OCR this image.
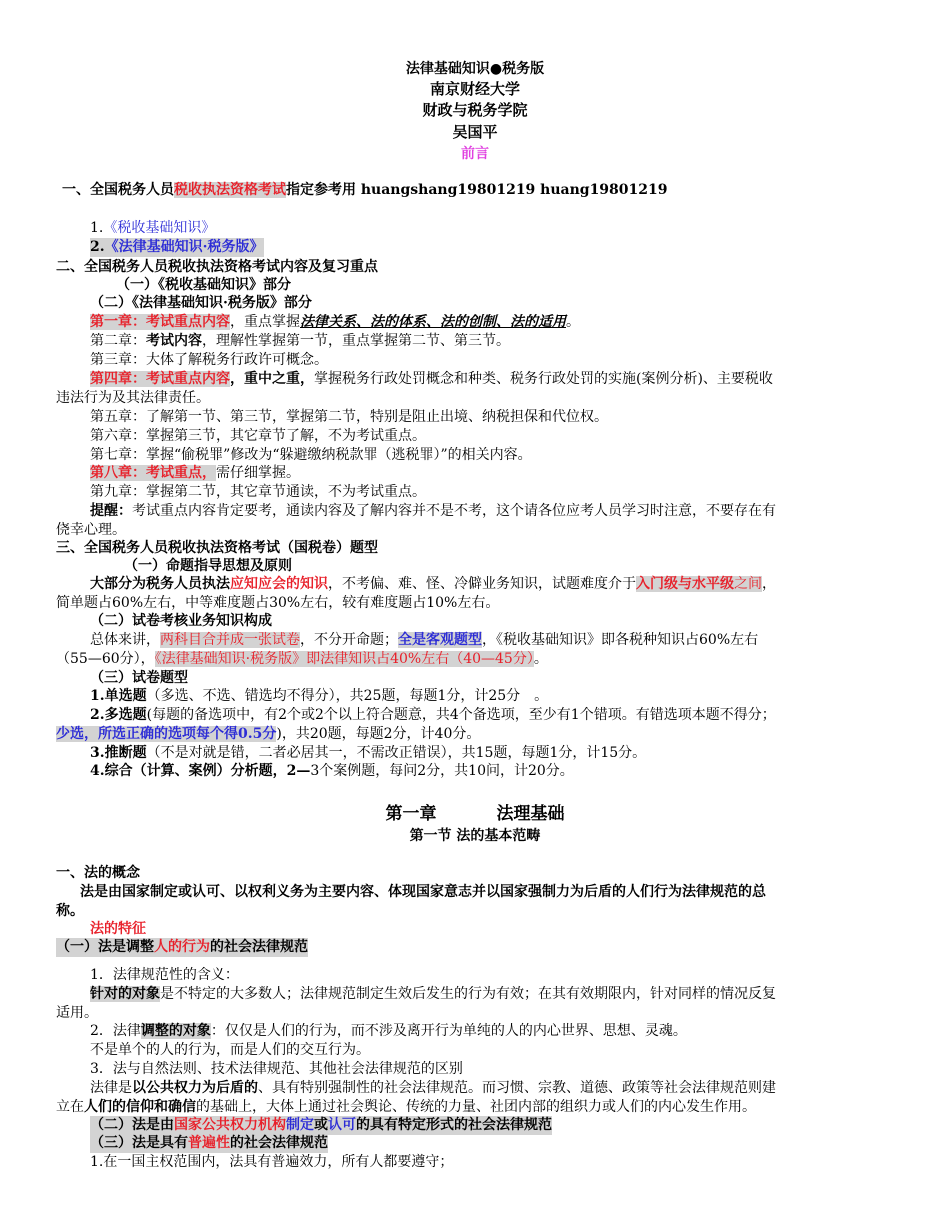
法律基础知识●税务版
南京财经大学
财政与税务学院
吴国平
前言
一、全国税务人员税收执法资格考试指定参考用 huangshang19801219 huang19801219
1.《税收基础知识》
2.《法律基础知识·税务版》
二、全国税务人员税收执法资格考试内容及复习重点
（一）《税收基础知识》部分
（二）《法律基础知识·税务版》部分
第一章：考试重点内容，重点掌握法律关系、法的体系、法的创制、法的适用。
第二章：考试内容，理解性掌握第一节，重点掌握第二节、第三节。
第三章：大体了解税务行政许可概念。
第四章：考试重点内容，重中之重，掌握税务行政处罚概念和种类、税务行政处罚的实施(案例分析)、主要税收
违法行为及其法律责任。
第五章：了解第一节、第三节，掌握第二节，特别是阻止出境、纳税担保和代位权。
第六章：掌握第三节，其它章节了解，不为考试重点。
第七章：掌握“偷税罪”修改为“躲避缴纳税款罪（逃税罪）”的相关内容。
第八章：考试重点，需仔细掌握。
第九章：掌握第二节，其它章节通读，不为考试重点。
提醒：考试重点内容肯定要考，通读内容及了解内容并不是不考，这个请各位应考人员学习时注意，不要存在有
侥幸心理。
三、全国税务人员税收执法资格考试（国税卷）题型
（一）命题指导思想及原则
大部分为税务人员执法应知应会的知识，不考偏、难、怪、冷僻业务知识，试题难度介于入门级与水平级之间，
简单题占60%左右，中等难度题占30%左右，较有难度题占10%左右。
（二）试卷考核业务知识构成
总体来讲，两科目合并成一张试卷，不分开命题；全是客观题型，《税收基础知识》即各税种知识占60%左右
（55—60分），《法律基础知识·税务版》即法律知识占40%左右（40—45分）。
（三）试卷题型
1.单选题（多选、不选、错选均不得分），共25题，每题1分，计25分　。
2.多选题(每题的备选项中，有2个或2个以上符合题意，共4个备选项，至少有1个错项。有错选项本题不得分；
少选，所选正确的选项每个得0.5分)，共20题，每题2分，计40分。
3.推断题（不是对就是错，二者必居其一，不需改正错误），共15题，每题1分，计15分。
4.综合（计算、案例）分析题，2—3个案例题，每问2分，共10问，计20分。
第一章	法理基础
第一节 法的基本范畴
一、法的概念
法是由国家制定或认可、以权利义务为主要内容、体现国家意志并以国家强制力为后盾的人们行为法律规范的总
称。
法的特征
（一）法是调整人的行为的社会法律规范
1．法律规范性的含义：
针对的对象是不特定的大多数人；法律规范制定生效后发生的行为有效；在其有效期限内，针对同样的情况反复
适用。
2．法律调整的对象：仅仅是人们的行为，而不涉及离开行为单纯的人的内心世界、思想、灵魂。
不是单个的人的行为，而是人们的交互行为。
3．法与自然法则、技术法律规范、其他社会法律规范的区别
法律是以公共权力为后盾的、具有特别强制性的社会法律规范。而习惯、宗教、道德、政策等社会法律规范则建
立在人们的信仰和确信的基础上，大体上通过社会舆论、传统的力量、社团内部的组织力或人们的内心发生作用。
（二）法是由国家公共权力机构制定或认可的具有特定形式的社会法律规范
（三）法是具有普遍性的社会法律规范
1.在一国主权范围内，法具有普遍效力，所有人都要遵守；
